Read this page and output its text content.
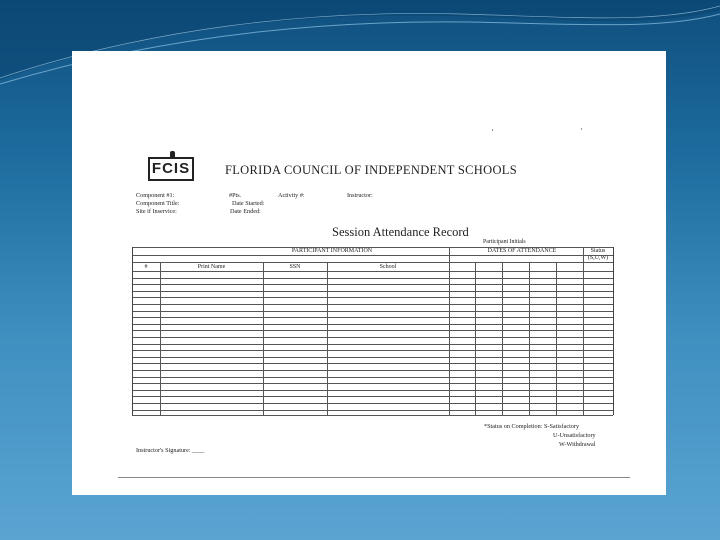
FCIS	FLORIDA COUNCIL OF INDEPENDENT SCHOOLS
Component #1:
Component Title:
Site if Inservice:
#Pts.	Activity #:	Instructor:
Date Started:
Date Ended:
Session Attendance Record
Participant Initials
PARTICIPANT INFORMATION	DATES OF ATTENDANCE	Status
(S,U,W)
#	Print Name	SSN	School
*Status on Completion: S-Satisfactory
U-Unsatisfactory
W-Withdrawal
Instructor's Signature: ____
